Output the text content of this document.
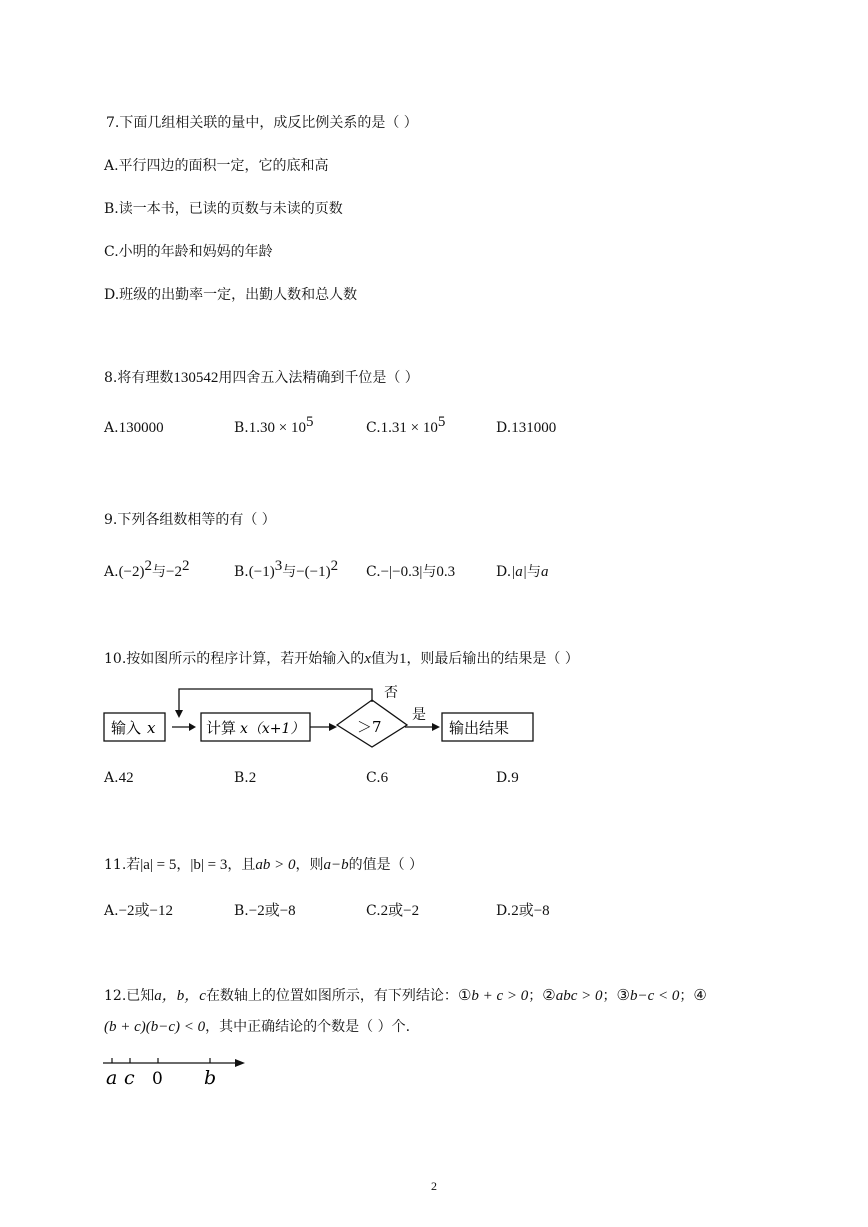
7.下面几组相关联的量中，成反比例关系的是（ ）
A.平行四边的面积一定，它的底和高
B.读一本书，已读的页数与未读的页数
C.小明的年龄和妈妈的年龄
D.班级的出勤率一定，出勤人数和总人数
8.将有理数130542用四舍五入法精确到千位是（ ）
A.130000	$B.1.30 \times 10^5$	$C.1.31 \times 10^5$	D.131000
9.下列各组数相等的有（ ）
$A.(-2)^2$与$-2^2$	$B.(-1)^3$与$-(-1)^2$ C.−|−0.3|与0.3	D.|a|与a
10.按如图所示的程序计算，若开始输入的x值为1，则最后输出的结果是（ ）
否
输入 x	计算 x（x+1）	＞7
是
输出结果
A.42	B.2	C.6	D.9
11.若|a| = 5，|b| = 3，且ab > 0，则a−b的值是（ ）
A.−2或−12	B.−2或−8	C.2或−2	D.2或−8
12.已知a，b，c在数轴上的位置如图所示，有下列结论：①b + c > 0；②abc > 0；③b−c < 0；④
(b + c)(b−c) < 0，其中正确结论的个数是（ ）个.
a c 0 b
2
